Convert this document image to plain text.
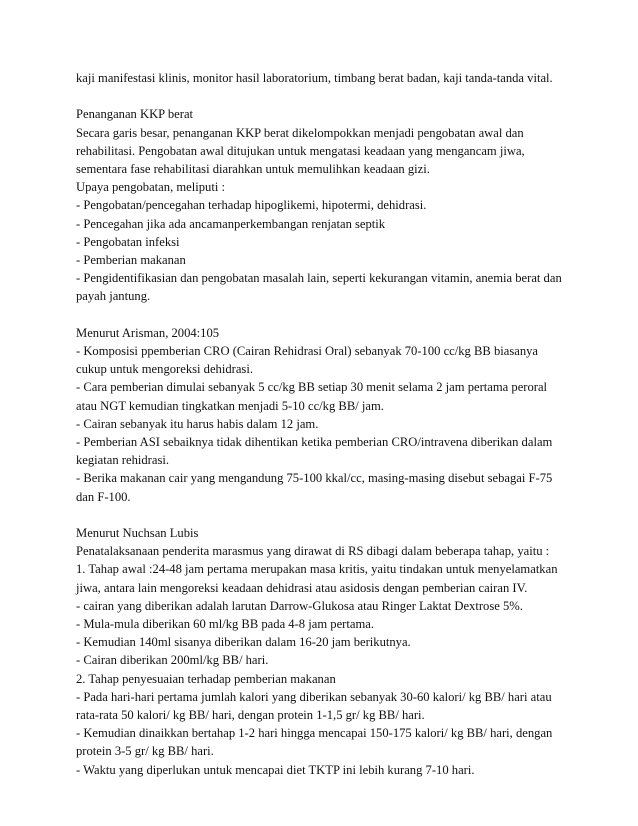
kaji manifestasi klinis, monitor hasil laboratorium, timbang berat badan, kaji tanda-tanda vital.

Penanganan KKP berat
Secara garis besar, penanganan KKP berat dikelompokkan menjadi pengobatan awal dan
rehabilitasi. Pengobatan awal ditujukan untuk mengatasi keadaan yang mengancam jiwa,
sementara fase rehabilitasi diarahkan untuk memulihkan keadaan gizi.
Upaya pengobatan, meliputi :
- Pengobatan/pencegahan terhadap hipoglikemi, hipotermi, dehidrasi.
- Pencegahan jika ada ancamanperkembangan renjatan septik
- Pengobatan infeksi
- Pemberian makanan
- Pengidentifikasian dan pengobatan masalah lain, seperti kekurangan vitamin, anemia berat dan
payah jantung.

Menurut Arisman, 2004:105
- Komposisi ppemberian CRO (Cairan Rehidrasi Oral) sebanyak 70-100 cc/kg BB biasanya
cukup untuk mengoreksi dehidrasi.
- Cara pemberian dimulai sebanyak 5 cc/kg BB setiap 30 menit selama 2 jam pertama peroral
atau NGT kemudian tingkatkan menjadi 5-10 cc/kg BB/ jam.
- Cairan sebanyak itu harus habis dalam 12 jam.
- Pemberian ASI sebaiknya tidak dihentikan ketika pemberian CRO/intravena diberikan dalam
kegiatan rehidrasi.
- Berika makanan cair yang mengandung 75-100 kkal/cc, masing-masing disebut sebagai F-75
dan F-100.

Menurut Nuchsan Lubis
Penatalaksanaan penderita marasmus yang dirawat di RS dibagi dalam beberapa tahap, yaitu :
1. Tahap awal :24-48 jam pertama merupakan masa kritis, yaitu tindakan untuk menyelamatkan
jiwa, antara lain mengoreksi keadaan dehidrasi atau asidosis dengan pemberian cairan IV.
- cairan yang diberikan adalah larutan Darrow-Glukosa atau Ringer Laktat Dextrose 5%.
- Mula-mula diberikan 60 ml/kg BB pada 4-8 jam pertama.
- Kemudian 140ml sisanya diberikan dalam 16-20 jam berikutnya.
- Cairan diberikan 200ml/kg BB/ hari.
2. Tahap penyesuaian terhadap pemberian makanan
- Pada hari-hari pertama jumlah kalori yang diberikan sebanyak 30-60 kalori/ kg BB/ hari atau
rata-rata 50 kalori/ kg BB/ hari, dengan protein 1-1,5 gr/ kg BB/ hari.
- Kemudian dinaikkan bertahap 1-2 hari hingga mencapai 150-175 kalori/ kg BB/ hari, dengan
protein 3-5 gr/ kg BB/ hari.
- Waktu yang diperlukan untuk mencapai diet TKTP ini lebih kurang 7-10 hari.
